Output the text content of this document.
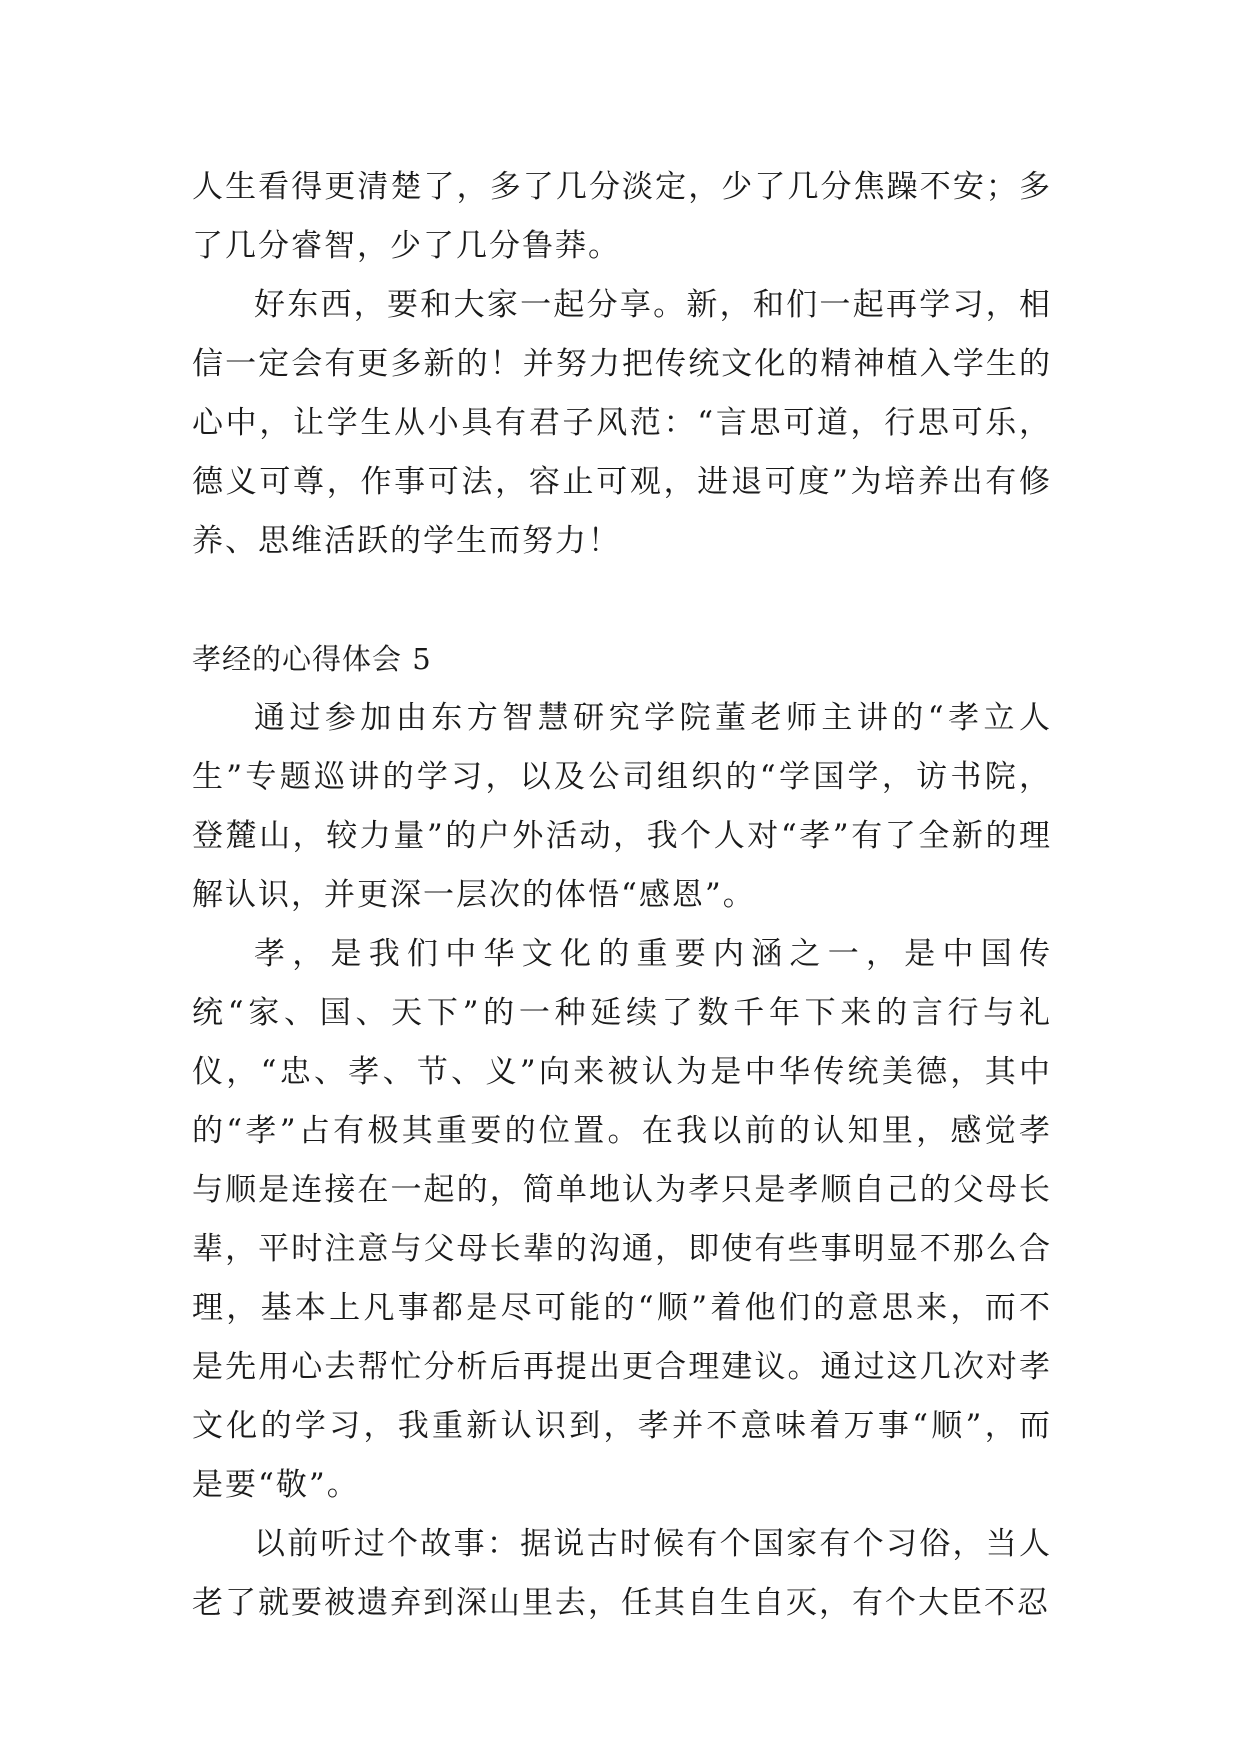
人生看得更清楚了，多了几分淡定，少了几分焦躁不安；多了几分睿智，少了几分鲁莽。

好东西，要和大家一起分享。新，和们一起再学习，相信一定会有更多新的！并努力把传统文化的精神植入学生的心中，让学生从小具有君子风范：“言思可道，行思可乐，德义可尊，作事可法，容止可观，进退可度”为培养出有修养、思维活跃的学生而努力！

孝经的心得体会 5

通过参加由东方智慧研究学院董老师主讲的“孝立人生”专题巡讲的学习，以及公司组织的“学国学，访书院，登麓山，较力量”的户外活动，我个人对“孝”有了全新的理解认识，并更深一层次的体悟“感恩”。

孝，是我们中华文化的重要内涵之一，是中国传统“家、国、天下”的一种延续了数千年下来的言行与礼仪，“忠、孝、节、义”向来被认为是中华传统美德，其中的“孝”占有极其重要的位置。在我以前的认知里，感觉孝与顺是连接在一起的，简单地认为孝只是孝顺自己的父母长辈，平时注意与父母长辈的沟通，即使有些事明显不那么合理，基本上凡事都是尽可能的“顺”着他们的意思来，而不是先用心去帮忙分析后再提出更合理建议。通过这几次对孝文化的学习，我重新认识到，孝并不意味着万事“顺”，而是要“敬”。

以前听过个故事：据说古时候有个国家有个习俗，当人老了就要被遗弃到深山里去，任其自生自灭，有个大臣不忍
